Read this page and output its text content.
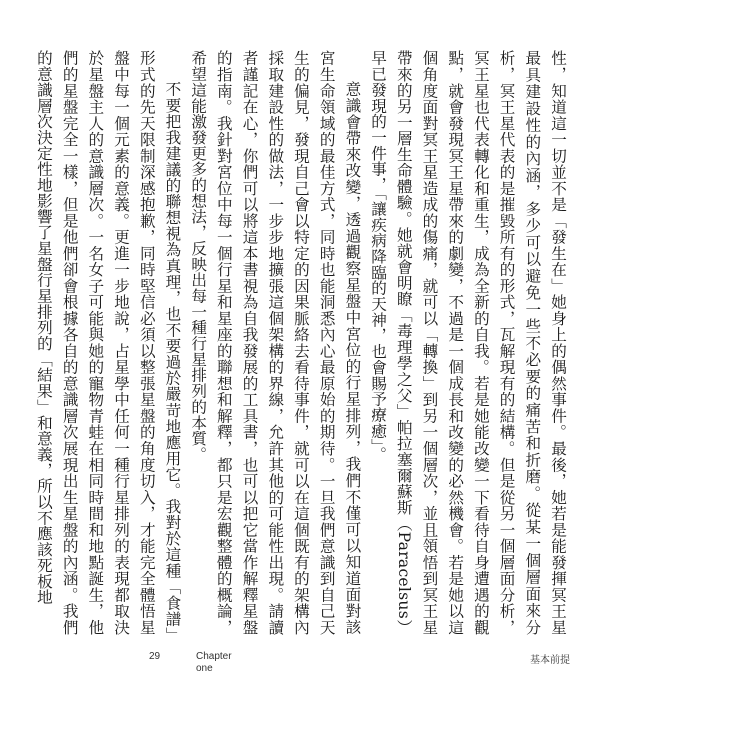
性，知道這一切並不是「發生在」她身上的偶然事件。最後，她若是能發揮冥王星最具建設性的內涵，多少可以避免一些不必要的痛苦和折磨。從某一個層面來分析，冥王星代表的是摧毀所有的形式，瓦解現有的結構。但是從另一個層面分析，冥王星也代表轉化和重生，成為全新的自我。若是她能改變一下看待自身遭遇的觀點，就會發現冥王星帶來的劇變，不過是一個成長和改變的必然機會。若是她以這個角度面對冥王星造成的傷痛，就可以「轉換」到另一個層次，並且領悟到冥王星帶來的另一層生命體驗。她就會明瞭「毒理學之父」帕拉塞爾蘇斯（Paracelsus）早已發現的一件事，「讓疾病降臨的天神，也會賜予療癒」。

意識會帶來改變，透過觀察星盤中宮位的行星排列，我們不僅可以知道面對該宮生命領域的最佳方式，同時也能洞悉內心最原始的期待。一旦我們意識到自己天生的偏見，發現自己會以特定的因果脈絡去看待事件，就可以在這個既有的架構內採取建設性的做法，一步步地擴張這個架構的界線，允許其他的可能性出現。請讀者謹記在心，你們可以將這本書視為自我發展的工具書，也可以把它當作解釋星盤的指南。我針對宮位中每一個行星和星座的聯想和解釋，都只是宏觀整體的概論，希望這能激發更多的想法，反映出每一種行星排列的本質。

不要把我建議的聯想視為真理，也不要過於嚴苛地應用它。我對於這種「食譜」形式的先天限制深感抱歉，同時堅信必須以整張星盤的角度切入，才能完全體悟星盤中每一個元素的意義。更進一步地說，占星學中任何一種行星排列的表現都取決於星盤主人的意識層次。一名女子可能與她的寵物青蛙在相同時間和地點誕生，他們的星盤完全一樣，但是他們卻會根據各自的意識層次展現出生星盤的內涵。我們的意識層次決定性地影響了星盤行星排列的「結果」和意義，所以不應該死板地

29	Chapter
one
基本前提
